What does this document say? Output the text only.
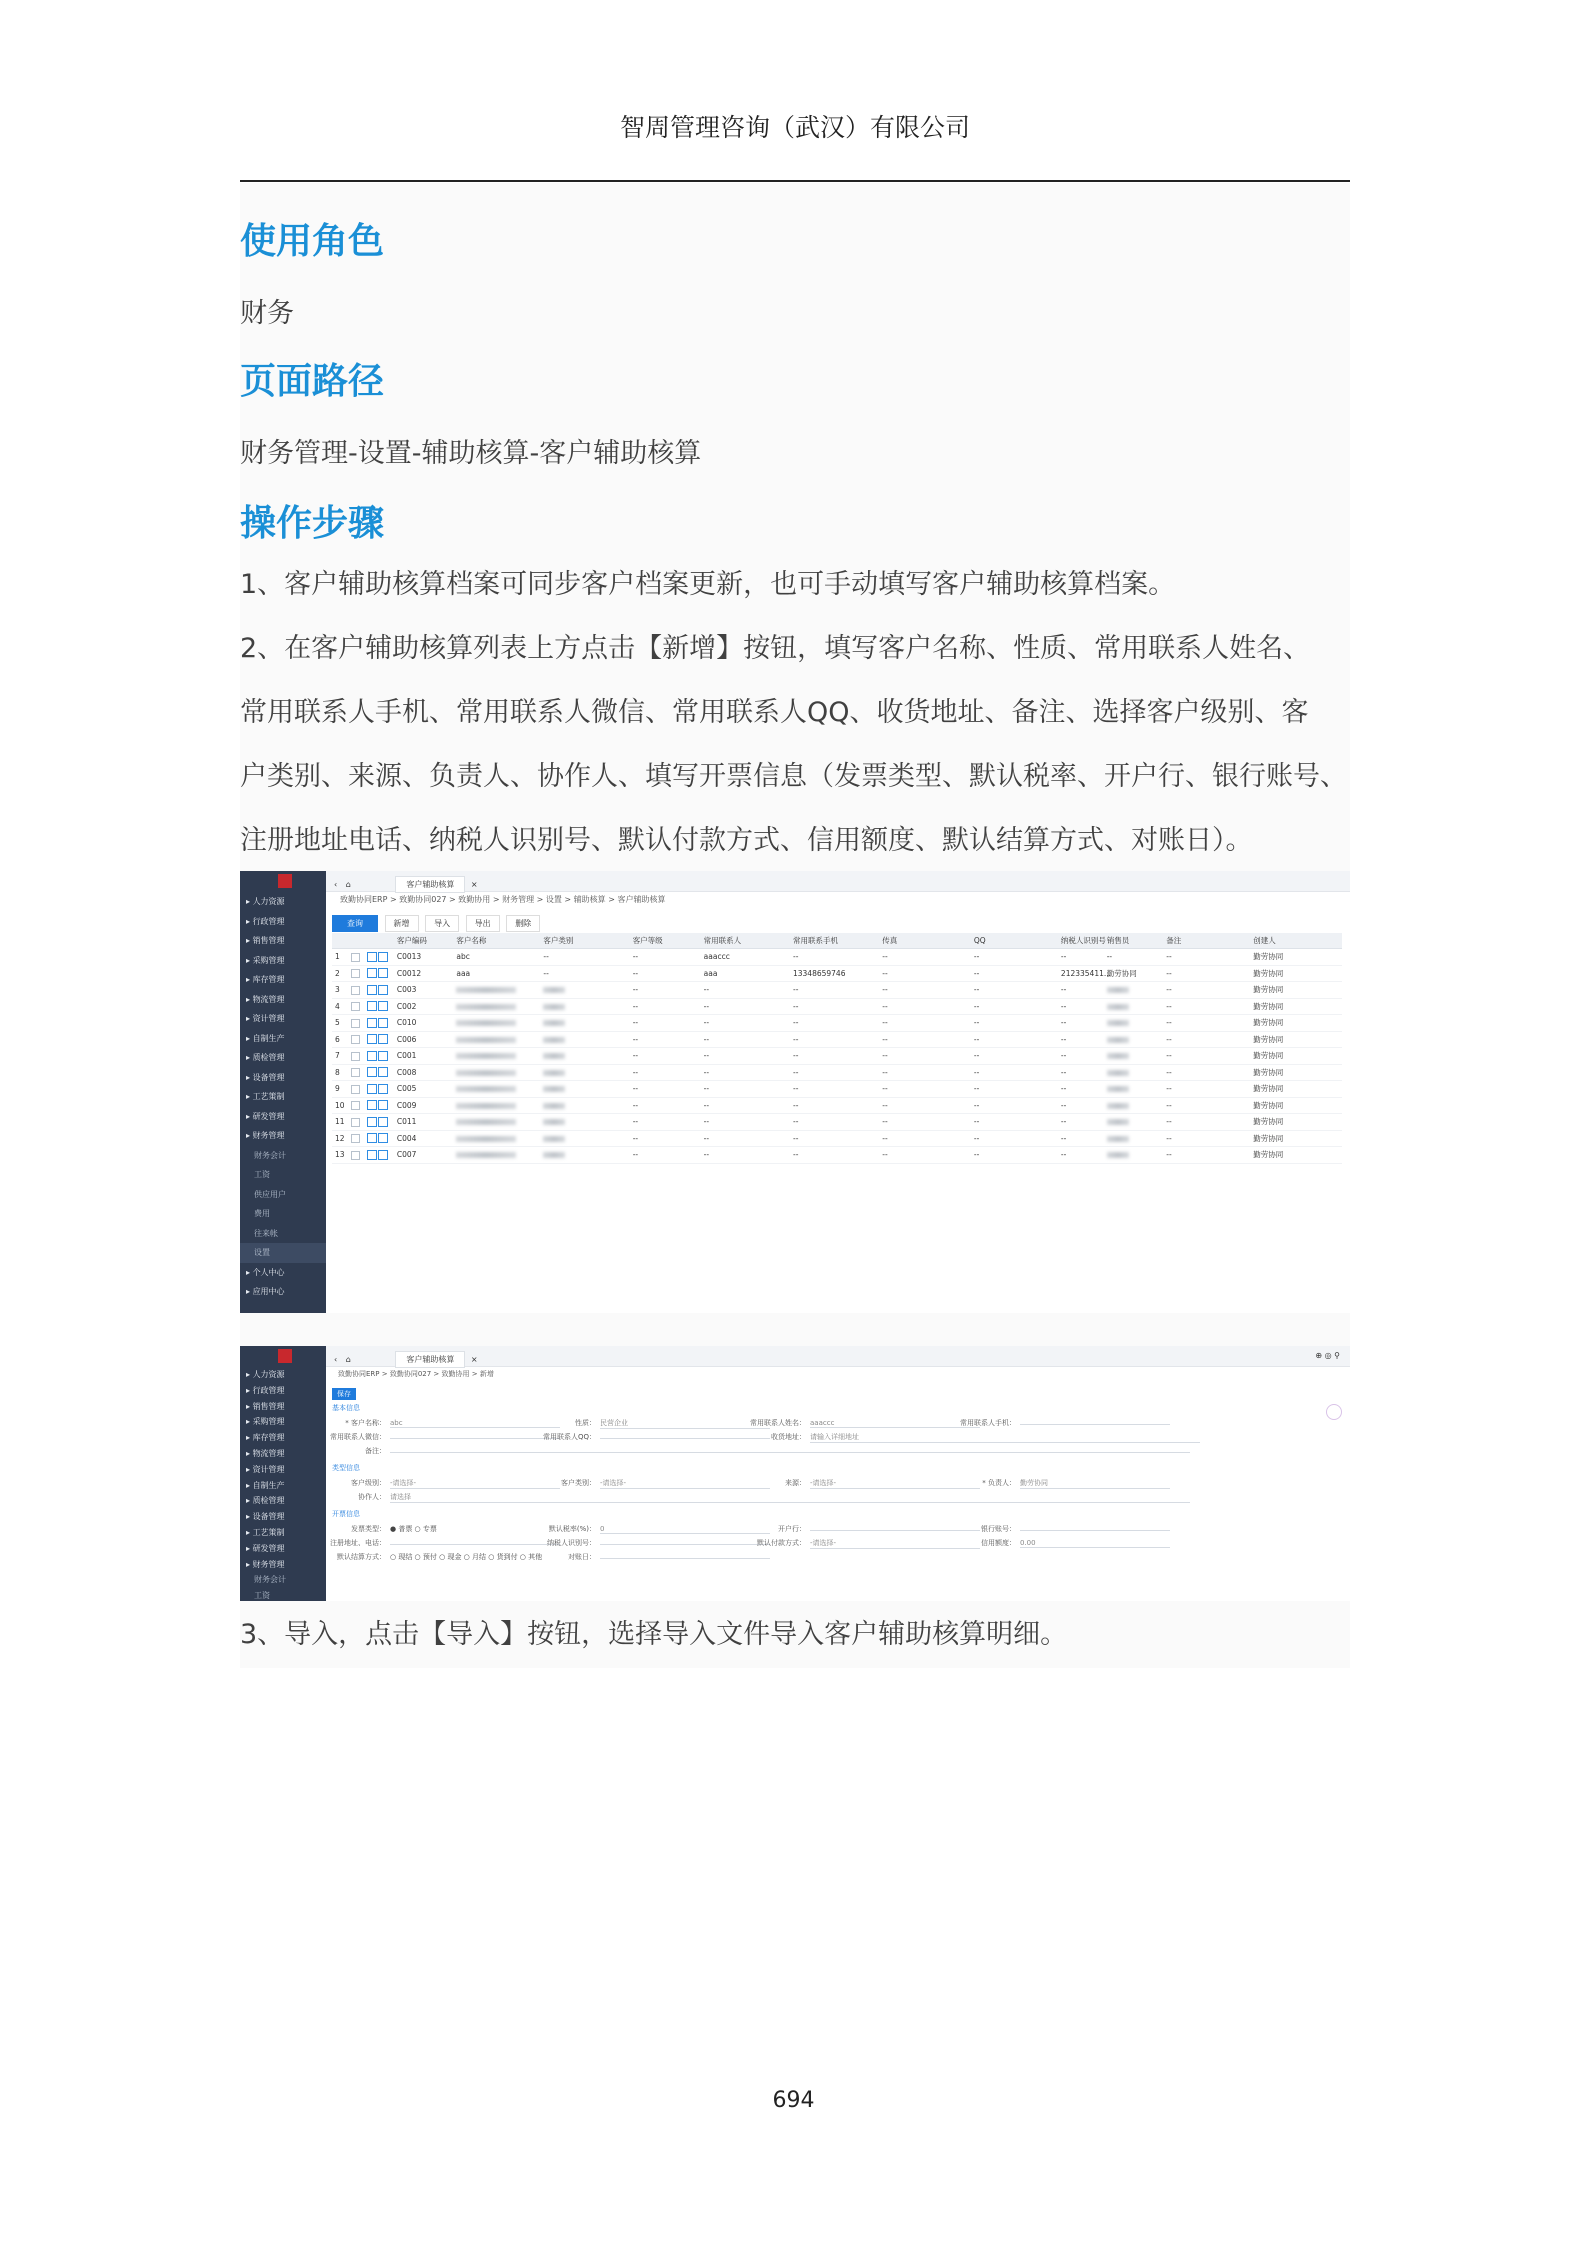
智周管理咨询（武汉）有限公司
使用角色
财务
页面路径
财务管理-设置-辅助核算-客户辅助核算
操作步骤
1、客户辅助核算档案可同步客户档案更新，也可手动填写客户辅助核算档案。
2、在客户辅助核算列表上方点击【新增】按钮，填写客户名称、性质、常用联系人姓名、
常用联系人手机、常用联系人微信、常用联系人QQ、收货地址、备注、选择客户级别、客
户类别、来源、负责人、协作人、填写开票信息（发票类型、默认税率、开户行、银行账号、
注册地址电话、纳税人识别号、默认付款方式、信用额度、默认结算方式、对账日）。
▸ 人力资源
▸ 行政管理
▸ 销售管理
▸ 采购管理
▸ 库存管理
▸ 物流管理
▸ 资计管理
▸ 自制生产
▸ 质检管理
▸ 设备管理
▸ 工艺策制
▸ 研发管理
▸ 财务管理
财务会计
工资
供应用户
费用
往来帐
设置
▸ 个人中心
▸ 应用中心
‹ ⌂	客户辅助核算 ×
致勤协同ERP > 致勤协同027 > 致勤协用 > 财务管理 > 设置 > 辅助核算 > 客户辅助核算
查询	新增	导入	导出	删除
			客户编码	客户名称	客户类别	客户等级	常用联系人	常用联系手机	传真	QQ	纳税人识别号	销售员	备注	创建人
1			C0013	abc	--	--	aaaccc	--	--	--	--	--	--	勤劳协同
2			C0012	aaa	--	--	aaa	13348659746	--	--	212335411...	勤劳协同	--	勤劳协同
3			C003			--	--	--	--	--	--		--	勤劳协同
4			C002			--	--	--	--	--	--		--	勤劳协同
5			C010			--	--	--	--	--	--		--	勤劳协同
6			C006			--	--	--	--	--	--		--	勤劳协同
7			C001			--	--	--	--	--	--		--	勤劳协同
8			C008			--	--	--	--	--	--		--	勤劳协同
9			C005			--	--	--	--	--	--		--	勤劳协同
10			C009			--	--	--	--	--	--		--	勤劳协同
11			C011			--	--	--	--	--	--		--	勤劳协同
12			C004			--	--	--	--	--	--		--	勤劳协同
13			C007			--	--	--	--	--	--		--	勤劳协同
▸ 人力资源
▸ 行政管理
▸ 销售管理
▸ 采购管理
▸ 库存管理
▸ 物流管理
▸ 资计管理
▸ 自制生产
▸ 质检管理
▸ 设备管理
▸ 工艺策制
▸ 研发管理
▸ 财务管理
财务会计
工资
‹ ⌂	客户辅助核算 ×	⊕ ◎ ⚲
致勤协同ERP > 致勤协同027 > 致勤协用 > 新增
保存
基本信息
* 客户名称： abc	性质： 民营企业	常用联系人姓名： aaaccc	常用联系人手机：
常用联系人微信：	常用联系人QQ：	收货地址： 请输入详细地址
备注：
类型信息
客户级别： -请选择-	客户类别： -请选择-	来源： -请选择-	* 负责人： 勤劳协同
协作人： 请选择
开票信息
发票类型： ● 普票 ○ 专票	默认税率(%)： 0	开户行：	银行账号：
注册地址、电话：	纳税人识别号：	默认付款方式： -请选择-	信用额度： 0.00
默认结算方式： ○ 现结 ○ 预付 ○ 现金 ○ 月结 ○ 货到付 ○ 其他	对账日：
3、导入，点击【导入】按钮，选择导入文件导入客户辅助核算明细。
694
